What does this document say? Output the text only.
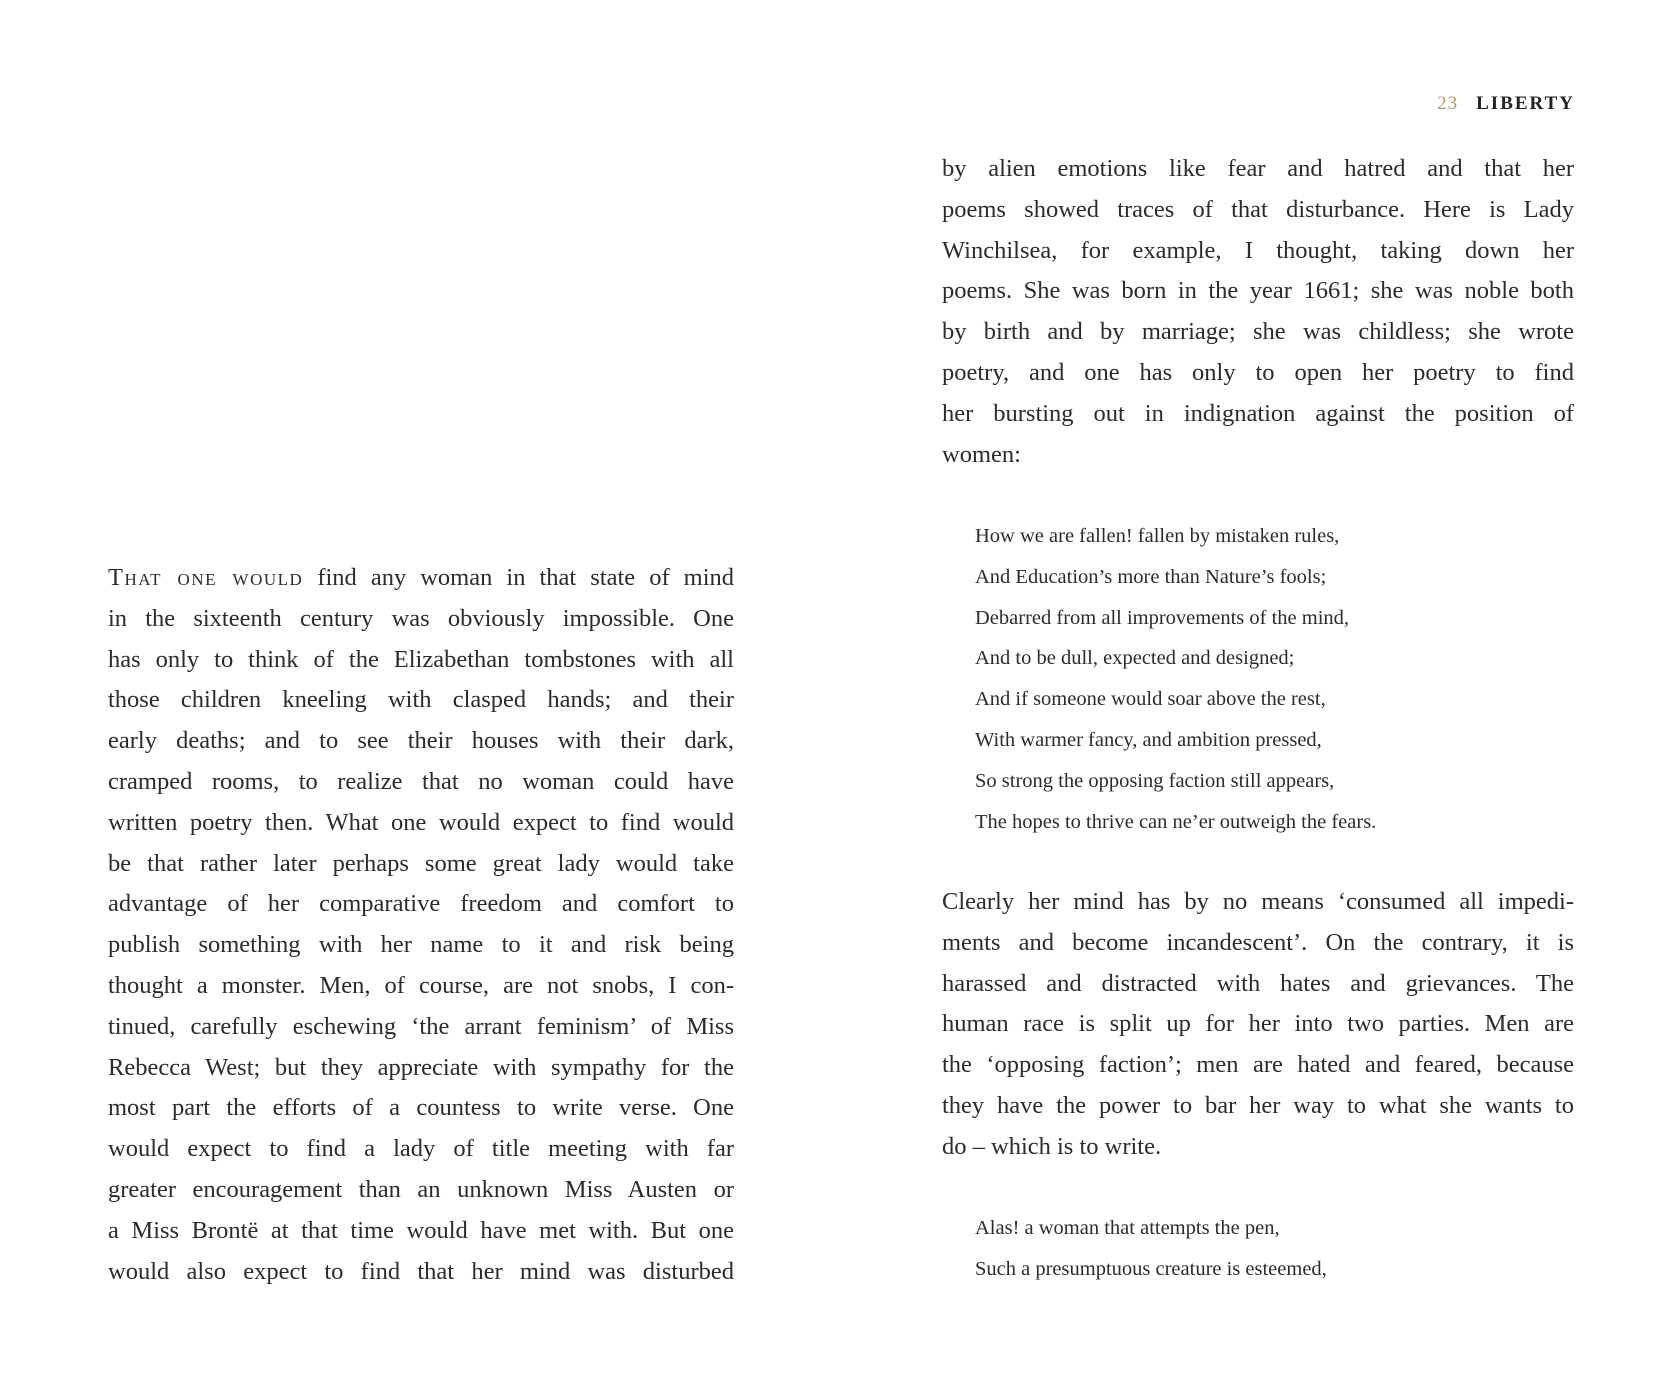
That one would find any woman in that state of mind
in the sixteenth century was obviously impossible. One
has only to think of the Elizabethan tombstones with all
those children kneeling with clasped hands; and their
early deaths; and to see their houses with their dark,
cramped rooms, to realize that no woman could have
written poetry then. What one would expect to find would
be that rather later perhaps some great lady would take
advantage of her comparative freedom and comfort to
publish something with her name to it and risk being
thought a monster. Men, of course, are not snobs, I con-
tinued, carefully eschewing ‘the arrant feminism’ of Miss
Rebecca West; but they appreciate with sympathy for the
most part the efforts of a countess to write verse. One
would expect to find a lady of title meeting with far
greater encouragement than an unknown Miss Austen or
a Miss Brontë at that time would have met with. But one
would also expect to find that her mind was disturbed

23 LIBERTY

by alien emotions like fear and hatred and that her
poems showed traces of that disturbance. Here is Lady
Winchilsea, for example, I thought, taking down her
poems. She was born in the year 1661; she was noble both
by birth and by marriage; she was childless; she wrote
poetry, and one has only to open her poetry to find
her bursting out in indignation against the position of
women:

How we are fallen! fallen by mistaken rules,
And Education’s more than Nature’s fools;
Debarred from all improvements of the mind,
And to be dull, expected and designed;
And if someone would soar above the rest,
With warmer fancy, and ambition pressed,
So strong the opposing faction still appears,
The hopes to thrive can ne’er outweigh the fears.

Clearly her mind has by no means ‘consumed all impedi-
ments and become incandescent’. On the contrary, it is
harassed and distracted with hates and grievances. The
human race is split up for her into two parties. Men are
the ‘opposing faction’; men are hated and feared, because
they have the power to bar her way to what she wants to
do – which is to write.

Alas! a woman that attempts the pen,
Such a presumptuous creature is esteemed,
